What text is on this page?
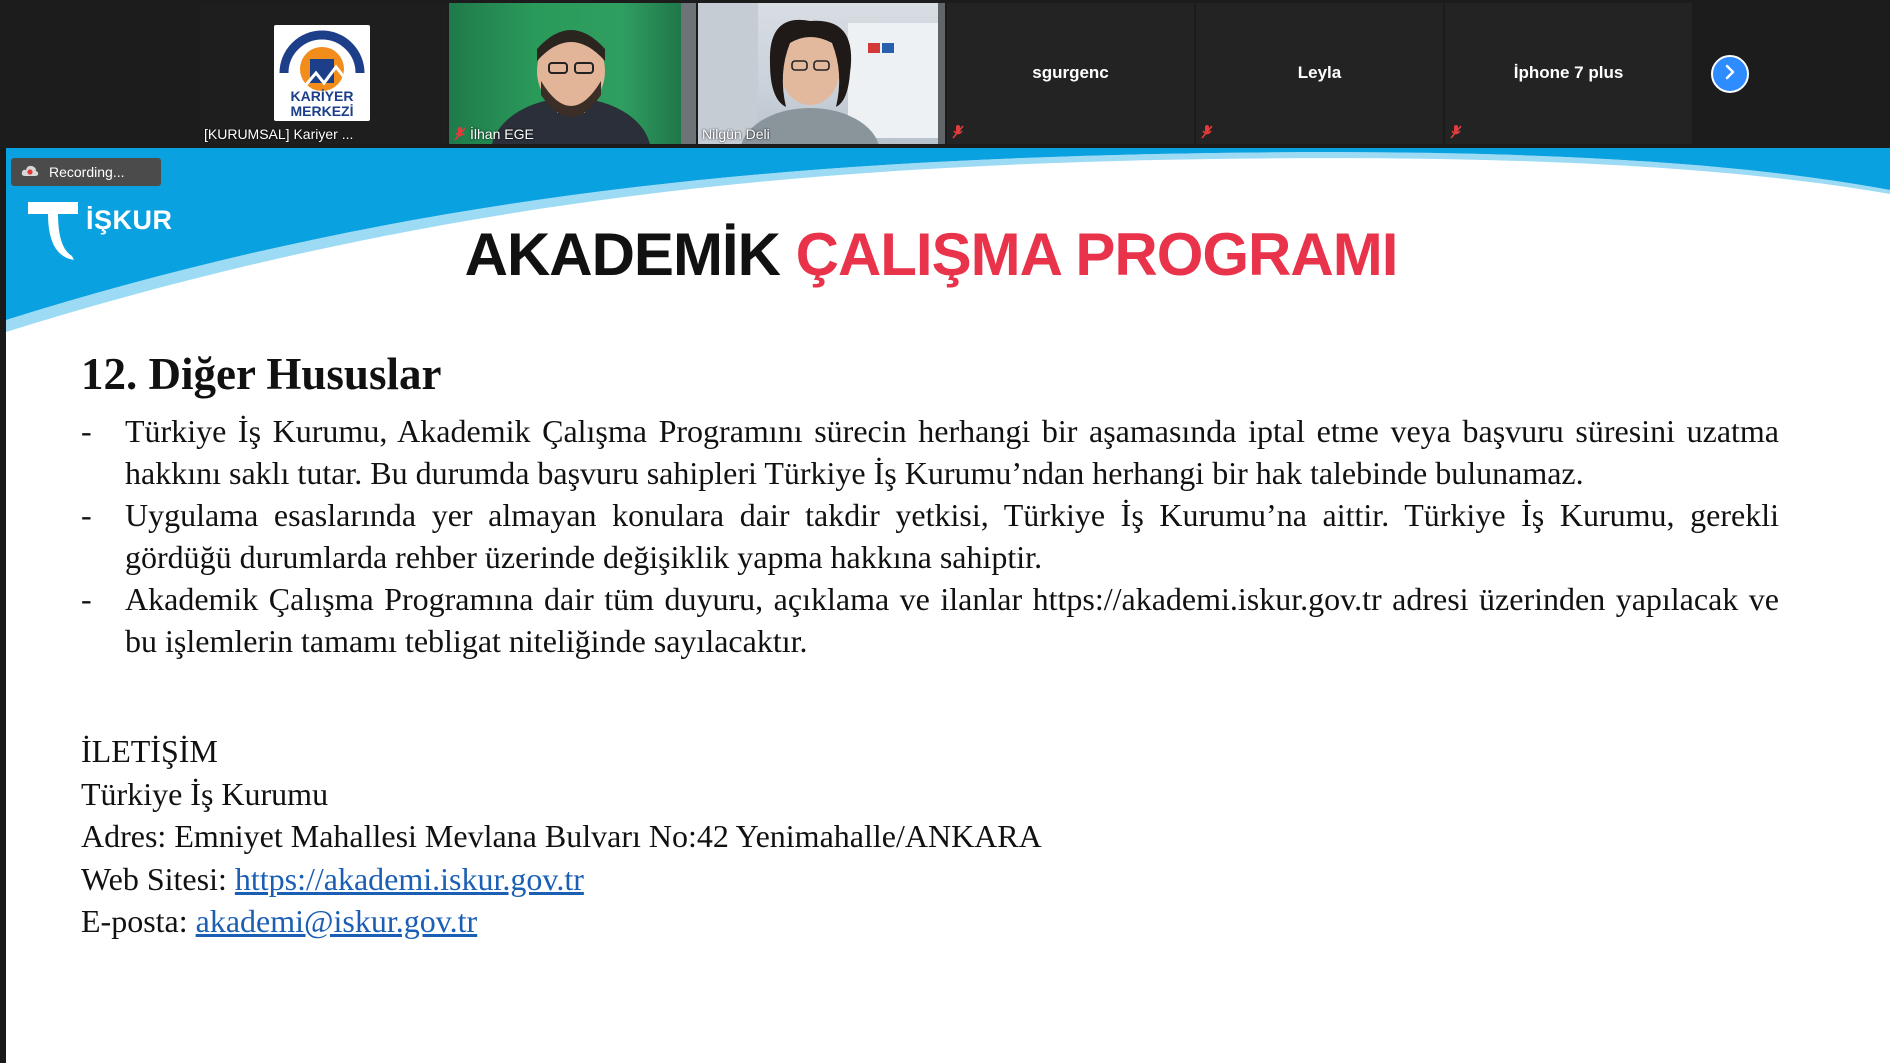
KARİYER
MERKEZİ
[KURUMSAL] Kariyer ...	İlhan EGE	Nilgün Deli
sgurgenc	Leyla	İphone 7 plus
Recording...
İŞKUR
AKADEMİK ÇALIŞMA PROGRAMI
12. Diğer Hususlar
-	Türkiye İş Kurumu, Akademik Çalışma Programını sürecin herhangi bir aşamasında iptal etme veya başvuru süresini uzatma hakkını saklı tutar. Bu durumda başvuru sahipleri Türkiye İş Kurumu’ndan herhangi bir hak talebinde bulunamaz.
-	Uygulama esaslarında yer almayan konulara dair takdir yetkisi, Türkiye İş Kurumu’na aittir. Türkiye İş Kurumu, gerekli gördüğü durumlarda rehber üzerinde değişiklik yapma hakkına sahiptir.
-	Akademik Çalışma Programına dair tüm duyuru, açıklama ve ilanlar https://akademi.iskur.gov.tr adresi üzerinden yapılacak ve bu işlemlerin tamamı tebligat niteliğinde sayılacaktır.
İLETİŞİM
Türkiye İş Kurumu
Adres: Emniyet Mahallesi Mevlana Bulvarı No:42 Yenimahalle/ANKARA
Web Sitesi: https://akademi.iskur.gov.tr
E-posta: akademi@iskur.gov.tr
